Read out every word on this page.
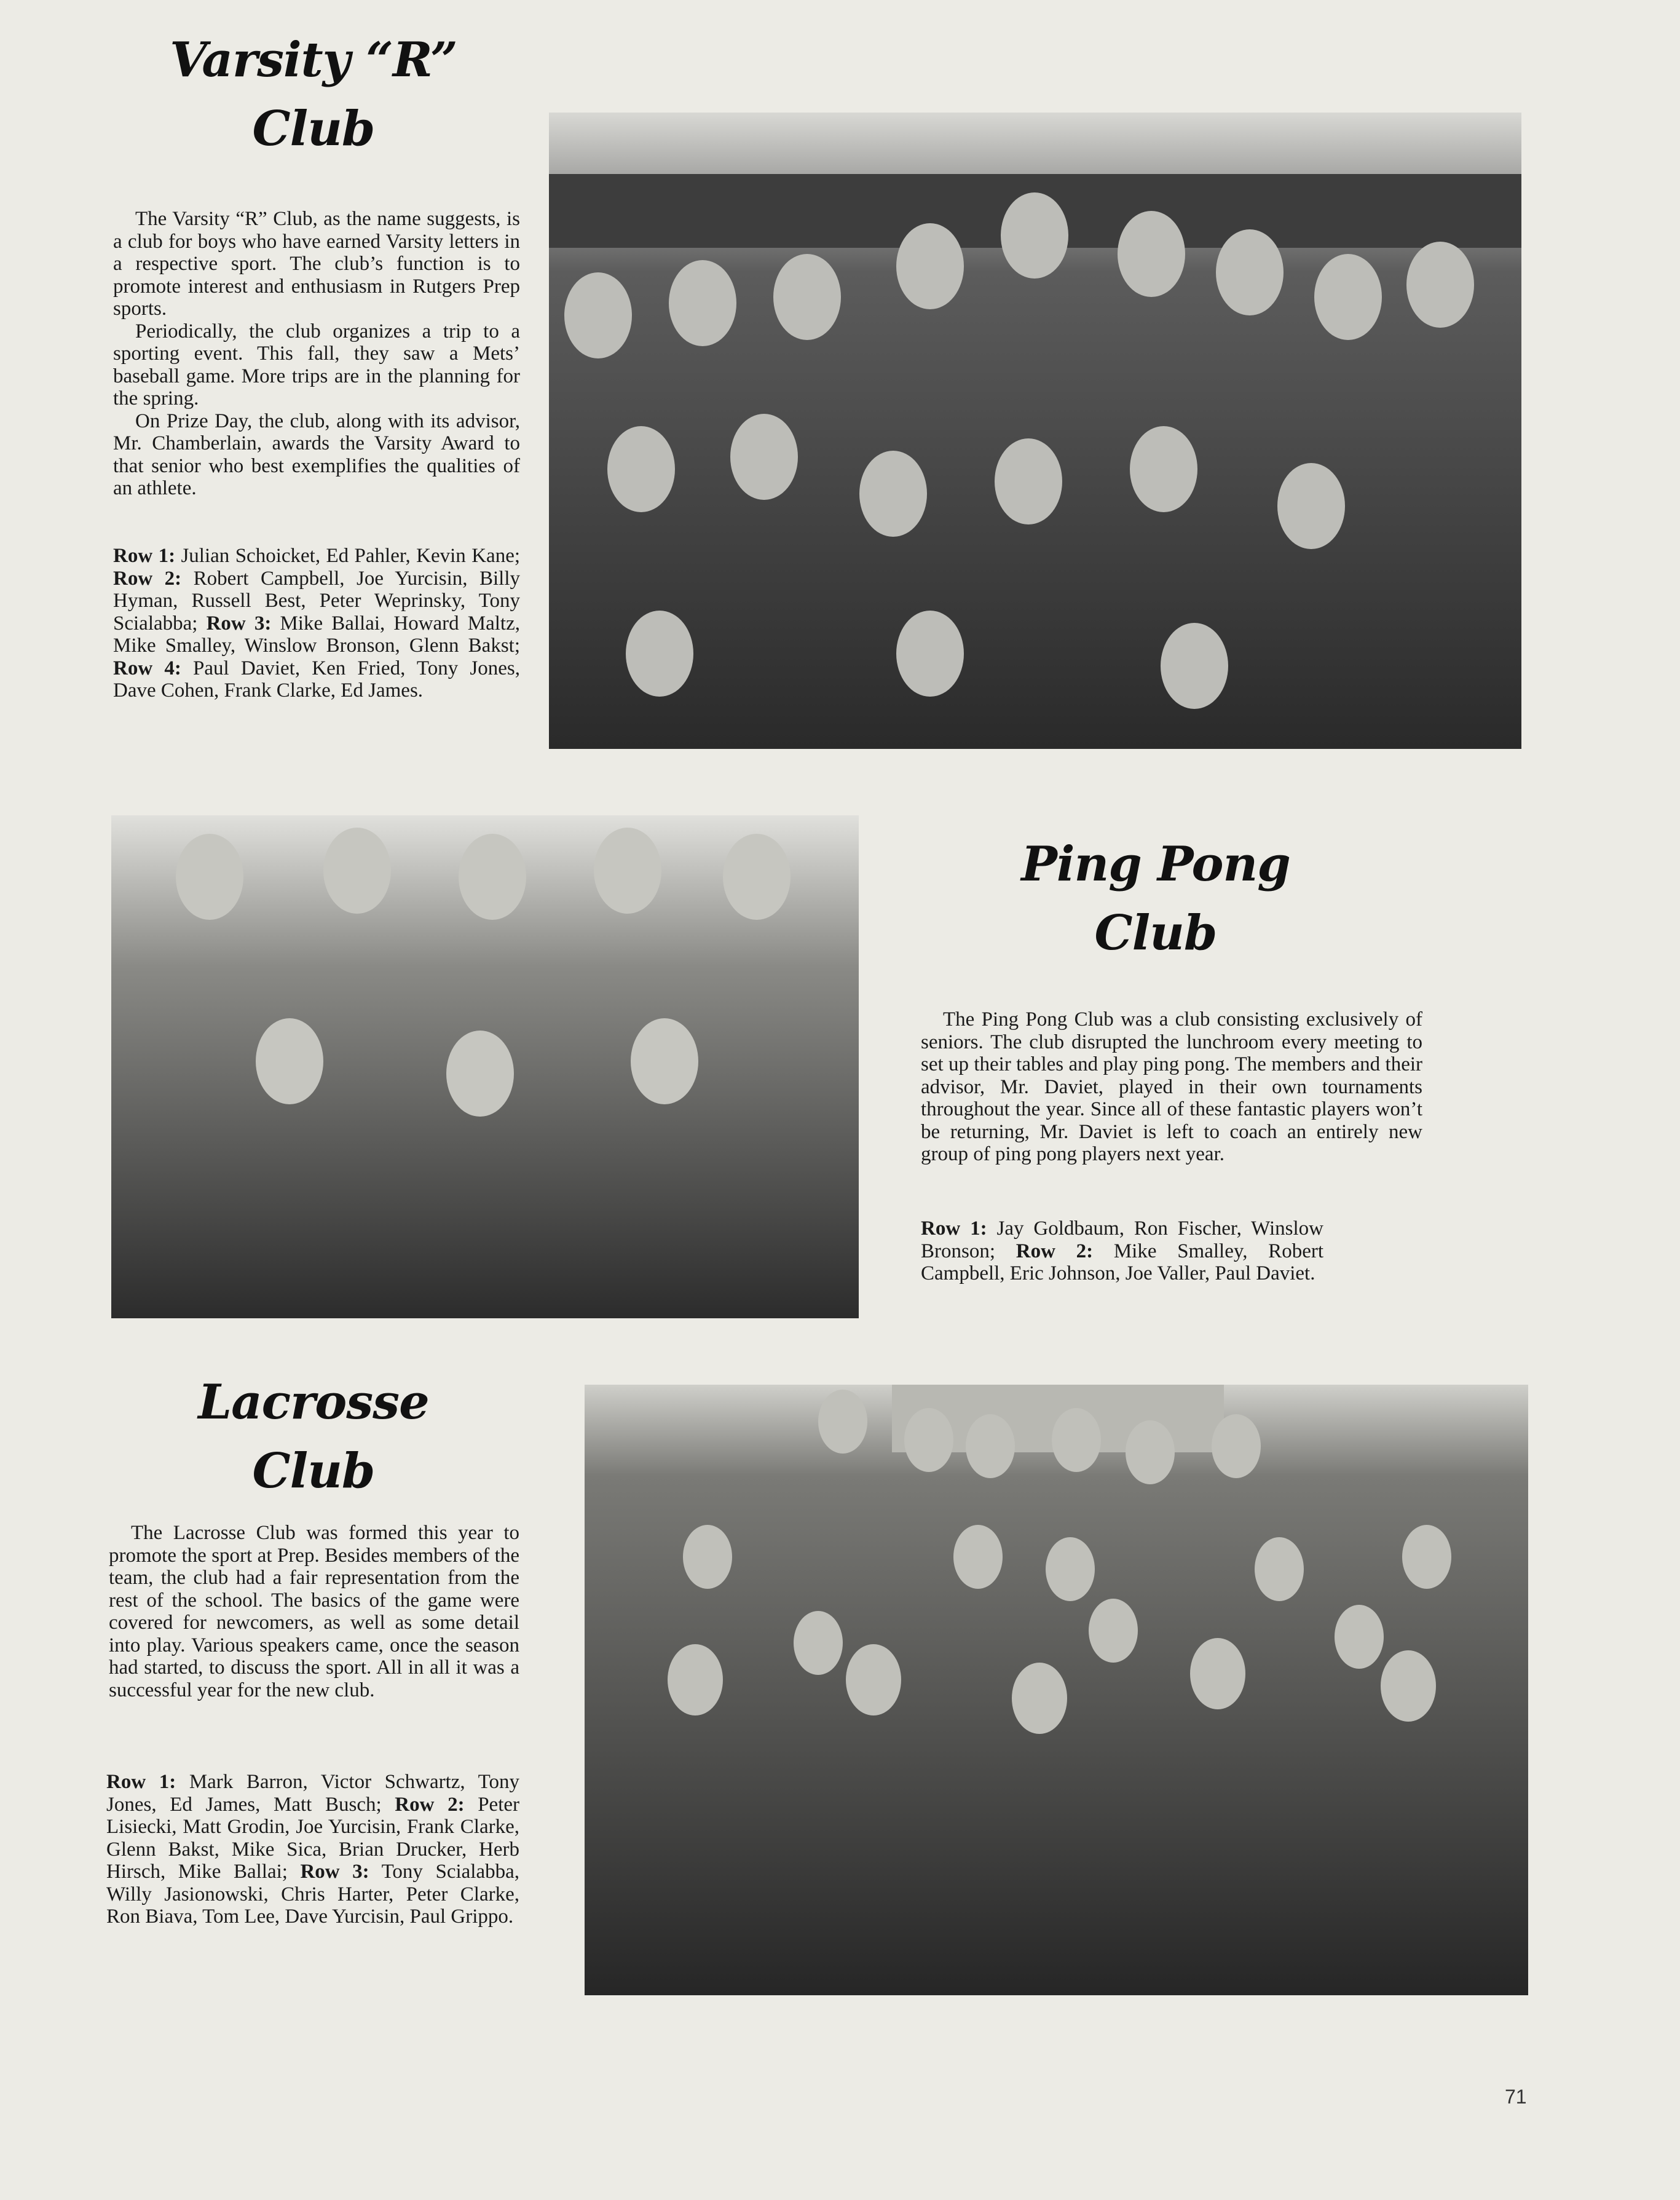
Varsity “R”
Club

The Varsity “R” Club, as the name suggests, is a club for boys who have earned Varsity letters in a respective sport. The club’s function is to promote interest and enthusiasm in Rutgers Prep sports.

Periodically, the club organizes a trip to a sporting event. This fall, they saw a Mets’ baseball game. More trips are in the planning for the spring.

On Prize Day, the club, along with its advisor, Mr. Chamberlain, awards the Varsity Award to that senior who best exemplifies the qualities of an athlete.

Row 1: Julian Schoicket, Ed Pahler, Kevin Kane; Row 2: Robert Campbell, Joe Yurcisin, Billy Hyman, Russell Best, Peter Weprinsky, Tony Scialabba; Row 3: Mike Ballai, Howard Maltz, Mike Smalley, Winslow Bronson, Glenn Bakst; Row 4: Paul Daviet, Ken Fried, Tony Jones, Dave Cohen, Frank Clarke, Ed James.
Ping Pong
Club

The Ping Pong Club was a club consisting exclusively of seniors. The club disrupted the lunchroom every meeting to set up their tables and play ping pong. The members and their advisor, Mr. Daviet, played in their own tournaments throughout the year. Since all of these fantastic players won’t be returning, Mr. Daviet is left to coach an entirely new group of ping pong players next year.

Row 1: Jay Goldbaum, Ron Fischer, Winslow Bronson; Row 2: Mike Smalley, Robert Campbell, Eric Johnson, Joe Valler, Paul Daviet.
Lacrosse
Club

The Lacrosse Club was formed this year to promote the sport at Prep. Besides members of the team, the club had a fair representation from the rest of the school. The basics of the game were covered for newcomers, as well as some detail into play. Various speakers came, once the season had started, to discuss the sport. All in all it was a successful year for the new club.

Row 1: Mark Barron, Victor Schwartz, Tony Jones, Ed James, Matt Busch; Row 2: Peter Lisiecki, Matt Grodin, Joe Yurcisin, Frank Clarke, Glenn Bakst, Mike Sica, Brian Drucker, Herb Hirsch, Mike Ballai; Row 3: Tony Scialabba, Willy Jasionowski, Chris Harter, Peter Clarke, Ron Biava, Tom Lee, Dave Yurcisin, Paul Grippo.
71
